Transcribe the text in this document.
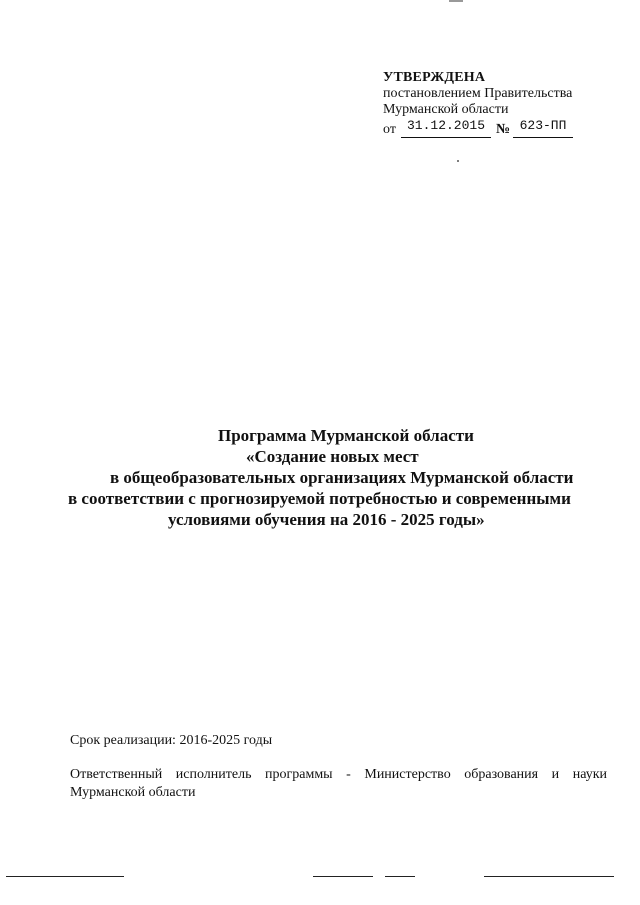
УТВЕРЖДЕНА
постановлением Правительства
Мурманской области
от 31.12.2015 № 623-ПП
Программа Мурманской области
«Создание новых мест
в общеобразовательных организациях Мурманской области
в соответствии с прогнозируемой потребностью и современными
условиями обучения на 2016 - 2025 годы»
Срок реализации: 2016-2025 годы
Ответственный исполнитель программы - Министерство образования и науки
Мурманской области
